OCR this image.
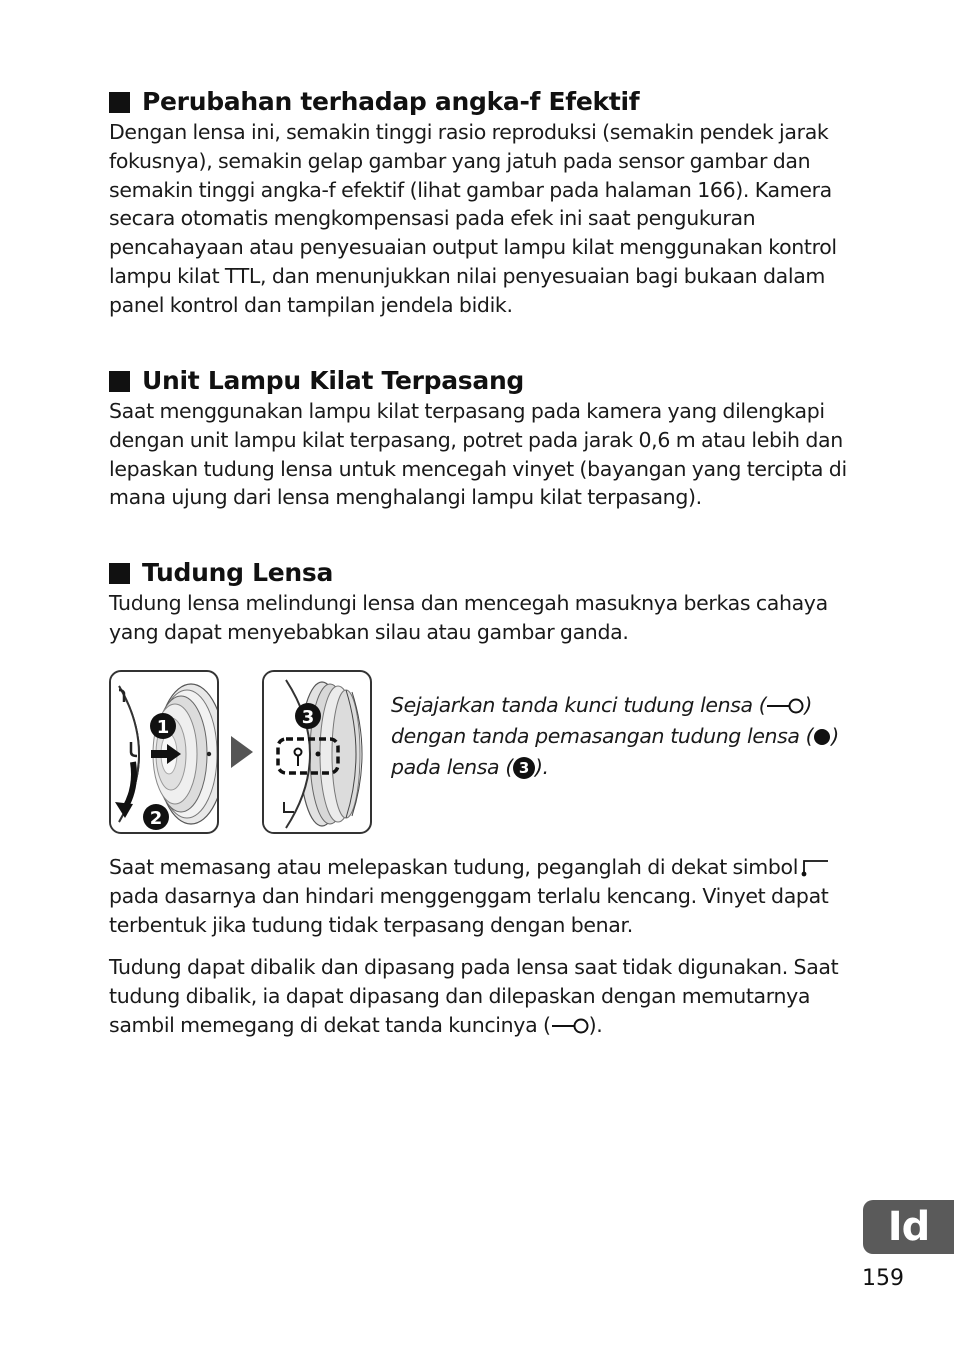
Perubahan terhadap angka-f Efektif

Dengan lensa ini, semakin tinggi rasio reproduksi (semakin pendek jarak fokusnya), semakin gelap gambar yang jatuh pada sensor gambar dan semakin tinggi angka-f efektif (lihat gambar pada halaman 166). Kamera secara otomatis mengkompensasi pada efek ini saat pengukuran pencahayaan atau penyesuaian output lampu kilat menggunakan kontrol lampu kilat TTL, dan menunjukkan nilai penyesuaian bagi bukaan dalam panel kontrol dan tampilan jendela bidik.

Unit Lampu Kilat Terpasang

Saat menggunakan lampu kilat terpasang pada kamera yang dilengkapi dengan unit lampu kilat terpasang, potret pada jarak 0,6 m atau lebih dan lepaskan tudung lensa untuk mencegah vinyet (bayangan yang tercipta di mana ujung dari lensa menghalangi lampu kilat terpasang).

Tudung Lensa

Tudung lensa melindungi lensa dan mencegah masuknya berkas cahaya yang dapat menyebabkan silau atau gambar ganda.

1
2
3
Sejajarkan tanda kunci tudung lensa ( ) dengan tanda pemasangan tudung lensa ( ) pada lensa ( 3 ).

Saat memasang atau melepaskan tudung, peganglah di dekat simbol  pada dasarnya dan hindari menggenggam terlalu kencang. Vinyet dapat terbentuk jika tudung tidak terpasang dengan benar.

Tudung dapat dibalik dan dipasang pada lensa saat tidak digunakan. Saat tudung dibalik, ia dapat dipasang dan dilepaskan dengan memutarnya sambil memegang di dekat tanda kuncinya ( ).

Id
159
